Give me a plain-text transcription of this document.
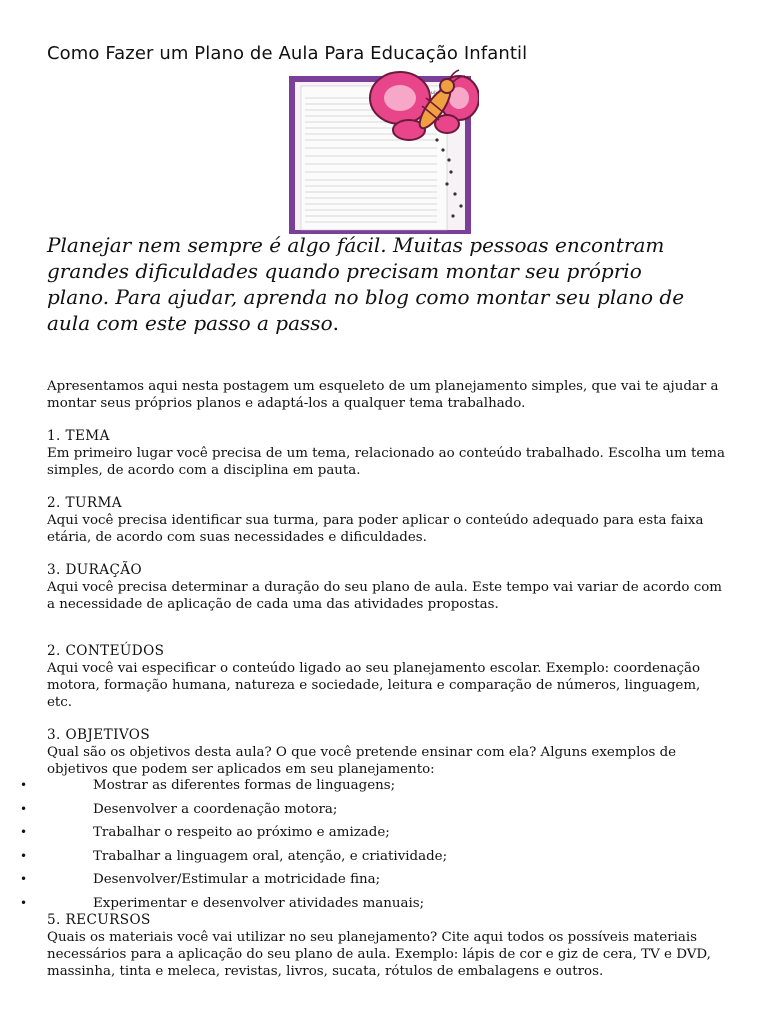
Como Fazer um Plano de Aula Para Educação Infantil
Aula
Planejar nem sempre é algo fácil. Muitas pessoas encontram
grandes dificuldades quando precisam montar seu próprio
plano. Para ajudar, aprenda no blog como montar seu plano de
aula com este passo a passo.

Apresentamos aqui nesta postagem um esqueleto de um planejamento simples, que vai te ajudar a montar seus próprios planos e adaptá-los a qualquer tema trabalhado.

1. TEMA

Em primeiro lugar você precisa de um tema, relacionado ao conteúdo trabalhado. Escolha um tema simples, de acordo com a disciplina em pauta.

2. TURMA

Aqui você precisa identificar sua turma, para poder aplicar o conteúdo adequado para esta faixa etária, de acordo com suas necessidades e dificuldades.

3. DURAÇÃO

Aqui você precisa determinar a duração do seu plano de aula. Este tempo vai variar de acordo com a necessidade de aplicação de cada uma das atividades propostas.

2. CONTEÚDOS

Aqui você vai especificar o conteúdo ligado ao seu planejamento escolar. Exemplo: coordenação motora, formação humana, natureza e sociedade, leitura e comparação de números, linguagem, etc.

3. OBJETIVOS

Qual são os objetivos desta aula? O que você pretende ensinar com ela? Alguns exemplos de objetivos que podem ser aplicados em seu planejamento:

•	Mostrar as diferentes formas de linguagens;
•	Desenvolver a coordenação motora;
•	Trabalhar o respeito ao próximo e amizade;
•	Trabalhar a linguagem oral, atenção, e criatividade;
•	Desenvolver/Estimular a motricidade fina;
•	Experimentar e desenvolver atividades manuais;
5. RECURSOS

Quais os materiais você vai utilizar no seu planejamento? Cite aqui todos os possíveis materiais necessários para a aplicação do seu plano de aula. Exemplo: lápis de cor e giz de cera, TV e DVD, massinha, tinta e meleca, revistas, livros, sucata, rótulos de embalagens e outros.
